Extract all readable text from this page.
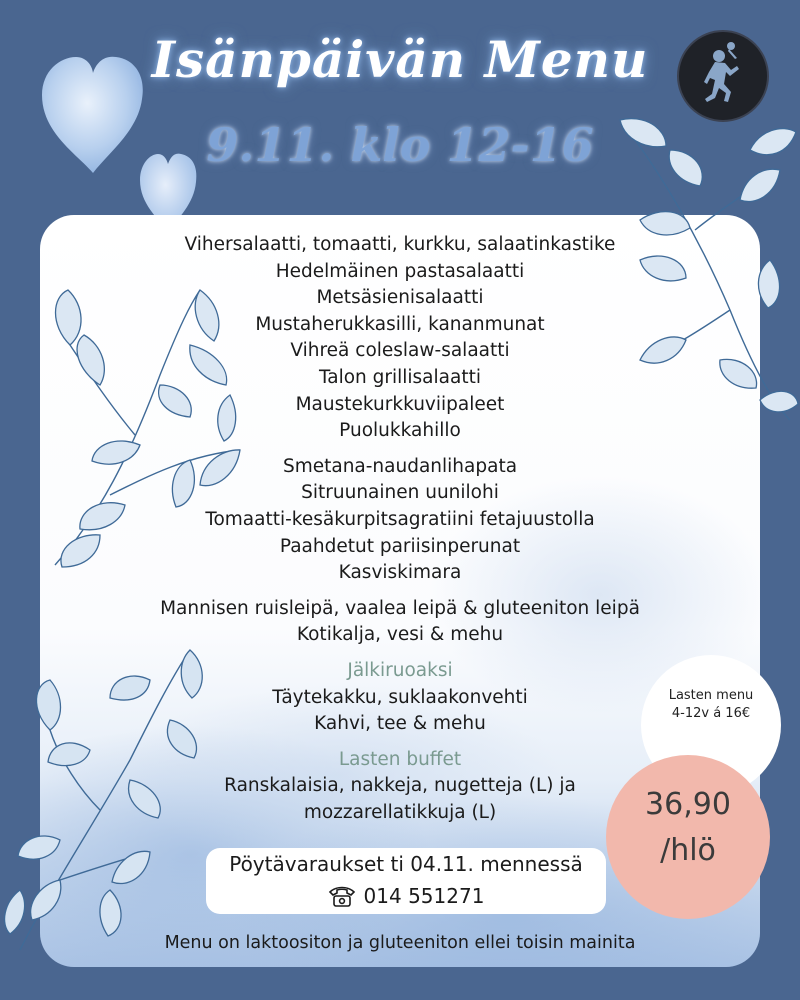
Isänpäivän Menu
9.11. klo 12-16
Vihersalaatti, tomaatti, kurkku, salaatinkastike
Hedelmäinen pastasalaatti
Metsäsienisalaatti
Mustaherukkasilli, kananmunat
Vihreä coleslaw-salaatti
Talon grillisalaatti
Maustekurkkuviipaleet
Puolukkahillo
Smetana-naudanlihapata
Sitruunainen uunilohi
Tomaatti-kesäkurpitsagratiini fetajuustolla
Paahdetut pariisinperunat
Kasviskimara
Mannisen ruisleipä, vaalea leipä & gluteeniton leipä
Kotikalja, vesi & mehu
Jälkiruoaksi
Täytekakku, suklaakonvehti
Kahvi, tee & mehu
Lasten buffet
Ranskalaisia, nakkeja, nugetteja (L) ja
mozzarellatikkuja (L)
Pöytävaraukset ti 04.11. mennessä
014 551271
Menu on laktoositon ja gluteeniton ellei toisin mainita
Lasten menu
4-12v á 16€
36,90
/hlö
